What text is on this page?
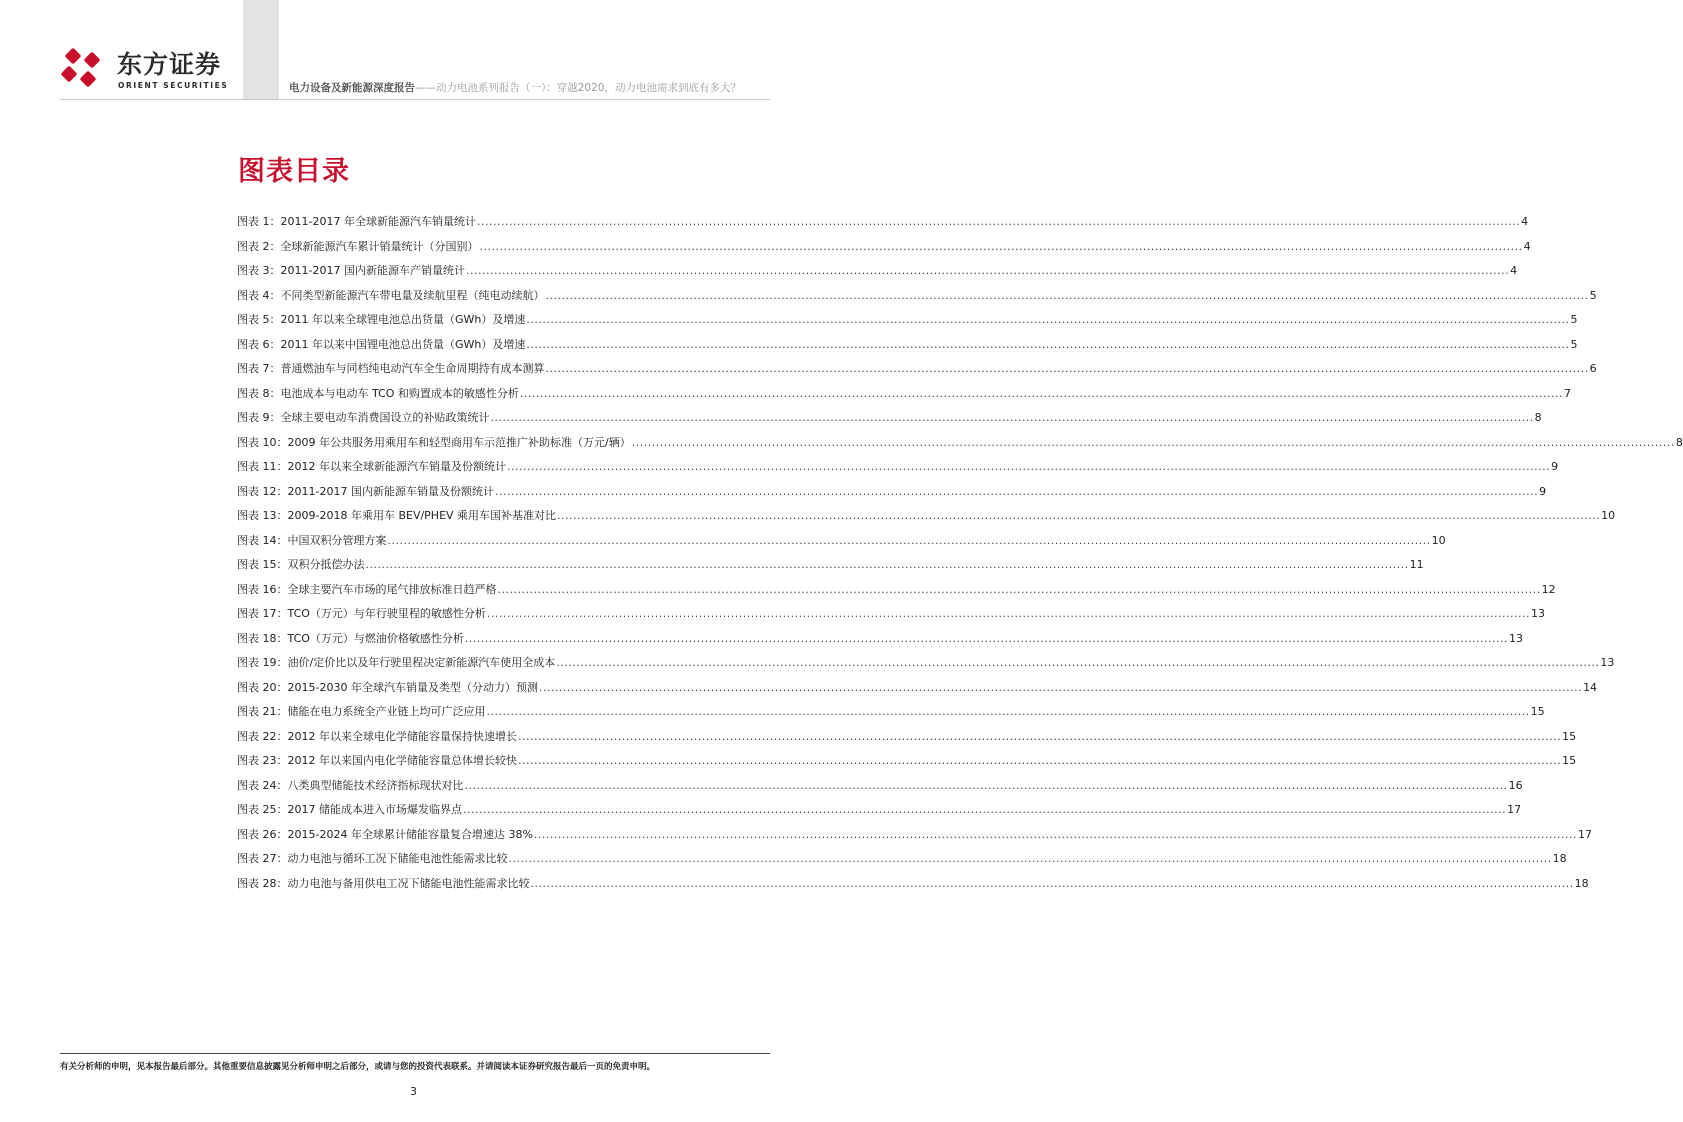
东方证券
ORIENT SECURITIES	电力设备及新能源深度报告——动力电池系列报告（一）：穿越2020，动力电池需求到底有多大？
图表目录
图表 1： 2011-2017 年全球新能源汽车销量统计 .....	4
图表 2： 全球新能源汽车累计销量统计（分国别） .....	4
图表 3： 2011-2017 国内新能源车产销量统计 .....	4
图表 4： 不同类型新能源汽车带电量及续航里程（纯电动续航） .....	5
图表 5： 2011 年以来全球锂电池总出货量（GWh）及增速 .....	5
图表 6： 2011 年以来中国锂电池总出货量（GWh）及增速 .....	5
图表 7： 普通燃油车与同档纯电动汽车全生命周期持有成本测算 .....	6
图表 8： 电池成本与电动车 TCO 和购置成本的敏感性分析 .....	7
图表 9： 全球主要电动车消费国设立的补贴政策统计 .....	8
图表 10： 2009 年公共服务用乘用车和轻型商用车示范推广补助标准（万元/辆） .....	8
图表 11： 2012 年以来全球新能源汽车销量及份额统计 .....	9
图表 12： 2011-2017 国内新能源车销量及份额统计 .....	9
图表 13： 2009-2018 年乘用车 BEV/PHEV 乘用车国补基准对比 .....	10
图表 14： 中国双积分管理方案 .....	10
图表 15： 双积分抵偿办法 .....	11
图表 16： 全球主要汽车市场的尾气排放标准日趋严格 .....	12
图表 17： TCO（万元）与年行驶里程的敏感性分析 .....	13
图表 18： TCO（万元）与燃油价格敏感性分析 .....	13
图表 19： 油价/定价比以及年行驶里程决定新能源汽车使用全成本 .....	13
图表 20： 2015-2030 年全球汽车销量及类型（分动力）预测 .....	14
图表 21： 储能在电力系统全产业链上均可广泛应用 .....	15
图表 22： 2012 年以来全球电化学储能容量保持快速增长 .....	15
图表 23： 2012 年以来国内电化学储能容量总体增长较快 .....	15
图表 24： 八类典型储能技术经济指标现状对比 .....	16
图表 25： 2017 储能成本进入市场爆发临界点 .....	17
图表 26： 2015-2024 年全球累计储能容量复合增速达 38% .....	17
图表 27： 动力电池与循环工况下储能电池性能需求比较 .....	18
图表 28： 动力电池与备用供电工况下储能电池性能需求比较 .....	18
有关分析师的申明，见本报告最后部分。其他重要信息披露见分析师申明之后部分，或请与您的投资代表联系。并请阅读本证券研究报告最后一页的免责申明。
3
